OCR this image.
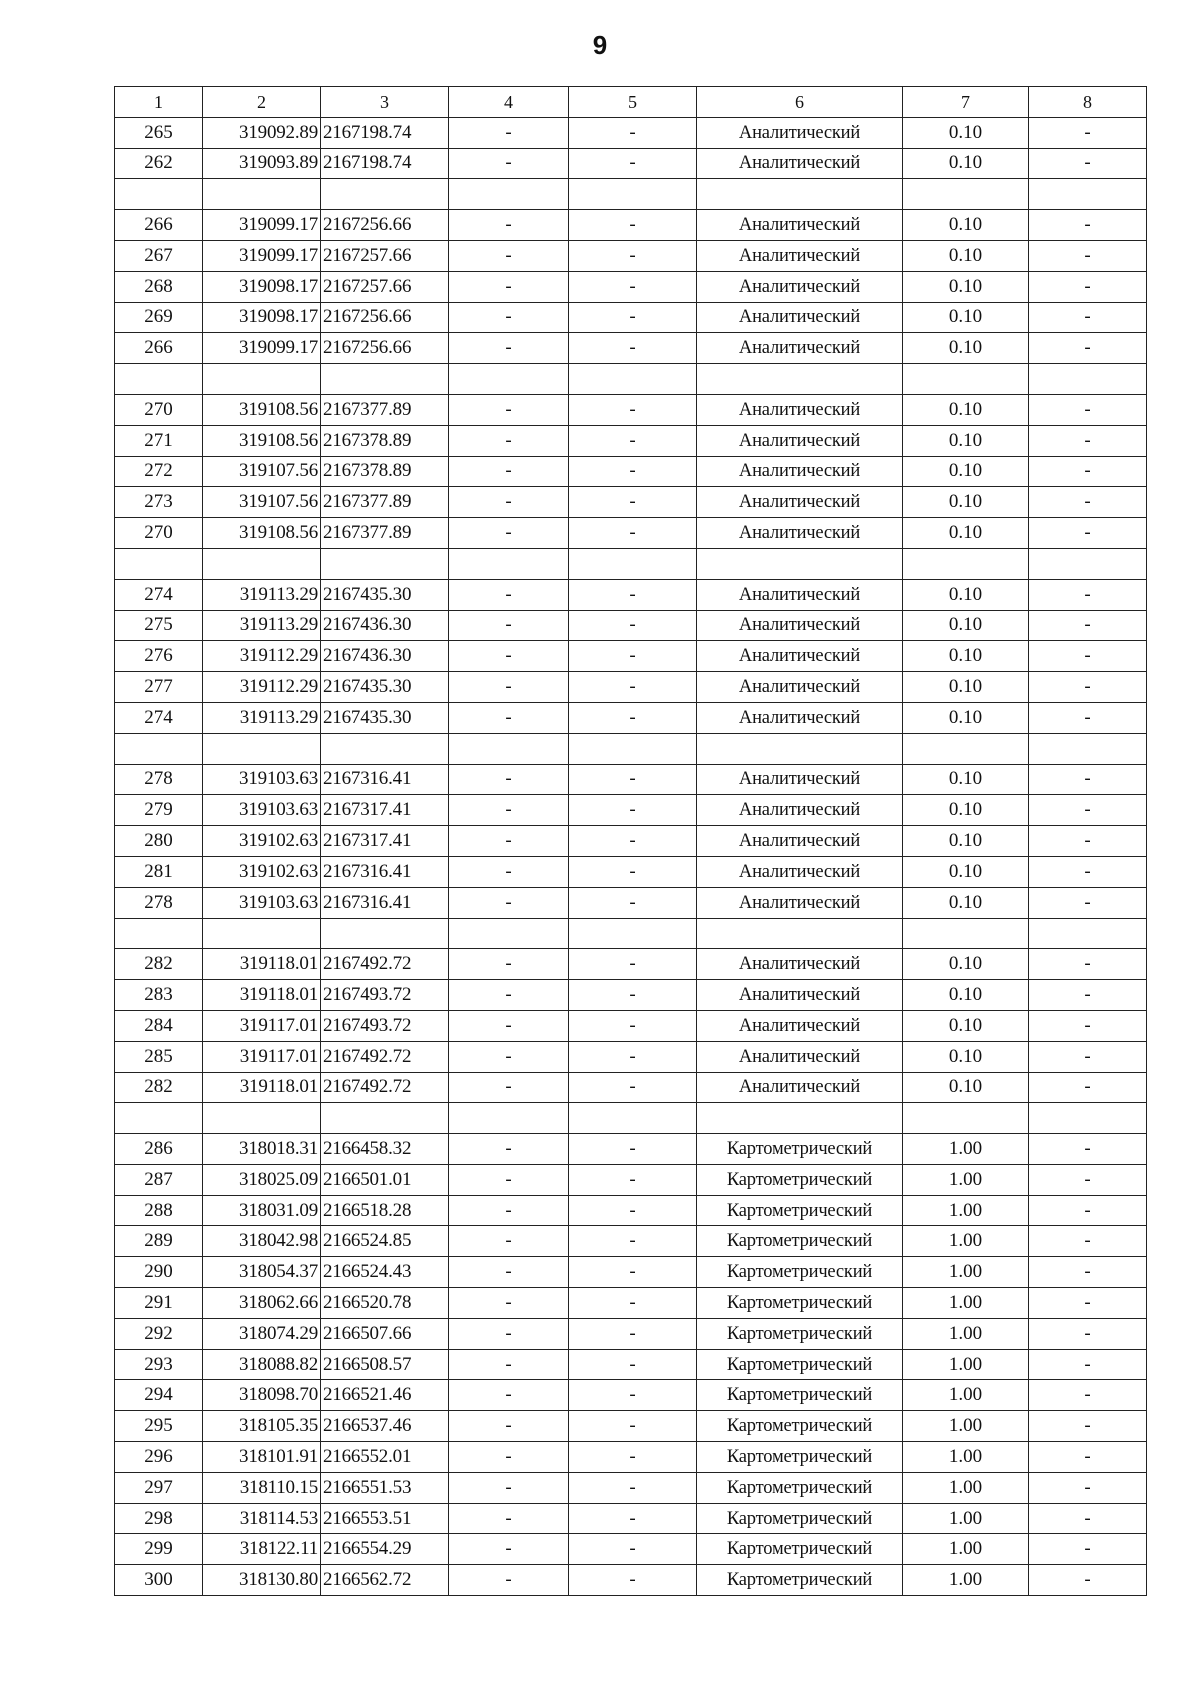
9
1	2	3	4	5	6	7	8
265	319092.89	2167198.74	-	-	Аналитический	0.10	-
262	319093.89	2167198.74	-	-	Аналитический	0.10	-

266	319099.17	2167256.66	-	-	Аналитический	0.10	-
267	319099.17	2167257.66	-	-	Аналитический	0.10	-
268	319098.17	2167257.66	-	-	Аналитический	0.10	-
269	319098.17	2167256.66	-	-	Аналитический	0.10	-
266	319099.17	2167256.66	-	-	Аналитический	0.10	-

270	319108.56	2167377.89	-	-	Аналитический	0.10	-
271	319108.56	2167378.89	-	-	Аналитический	0.10	-
272	319107.56	2167378.89	-	-	Аналитический	0.10	-
273	319107.56	2167377.89	-	-	Аналитический	0.10	-
270	319108.56	2167377.89	-	-	Аналитический	0.10	-

274	319113.29	2167435.30	-	-	Аналитический	0.10	-
275	319113.29	2167436.30	-	-	Аналитический	0.10	-
276	319112.29	2167436.30	-	-	Аналитический	0.10	-
277	319112.29	2167435.30	-	-	Аналитический	0.10	-
274	319113.29	2167435.30	-	-	Аналитический	0.10	-

278	319103.63	2167316.41	-	-	Аналитический	0.10	-
279	319103.63	2167317.41	-	-	Аналитический	0.10	-
280	319102.63	2167317.41	-	-	Аналитический	0.10	-
281	319102.63	2167316.41	-	-	Аналитический	0.10	-
278	319103.63	2167316.41	-	-	Аналитический	0.10	-

282	319118.01	2167492.72	-	-	Аналитический	0.10	-
283	319118.01	2167493.72	-	-	Аналитический	0.10	-
284	319117.01	2167493.72	-	-	Аналитический	0.10	-
285	319117.01	2167492.72	-	-	Аналитический	0.10	-
282	319118.01	2167492.72	-	-	Аналитический	0.10	-

286	318018.31	2166458.32	-	-	Картометрический	1.00	-
287	318025.09	2166501.01	-	-	Картометрический	1.00	-
288	318031.09	2166518.28	-	-	Картометрический	1.00	-
289	318042.98	2166524.85	-	-	Картометрический	1.00	-
290	318054.37	2166524.43	-	-	Картометрический	1.00	-
291	318062.66	2166520.78	-	-	Картометрический	1.00	-
292	318074.29	2166507.66	-	-	Картометрический	1.00	-
293	318088.82	2166508.57	-	-	Картометрический	1.00	-
294	318098.70	2166521.46	-	-	Картометрический	1.00	-
295	318105.35	2166537.46	-	-	Картометрический	1.00	-
296	318101.91	2166552.01	-	-	Картометрический	1.00	-
297	318110.15	2166551.53	-	-	Картометрический	1.00	-
298	318114.53	2166553.51	-	-	Картометрический	1.00	-
299	318122.11	2166554.29	-	-	Картометрический	1.00	-
300	318130.80	2166562.72	-	-	Картометрический	1.00	-
